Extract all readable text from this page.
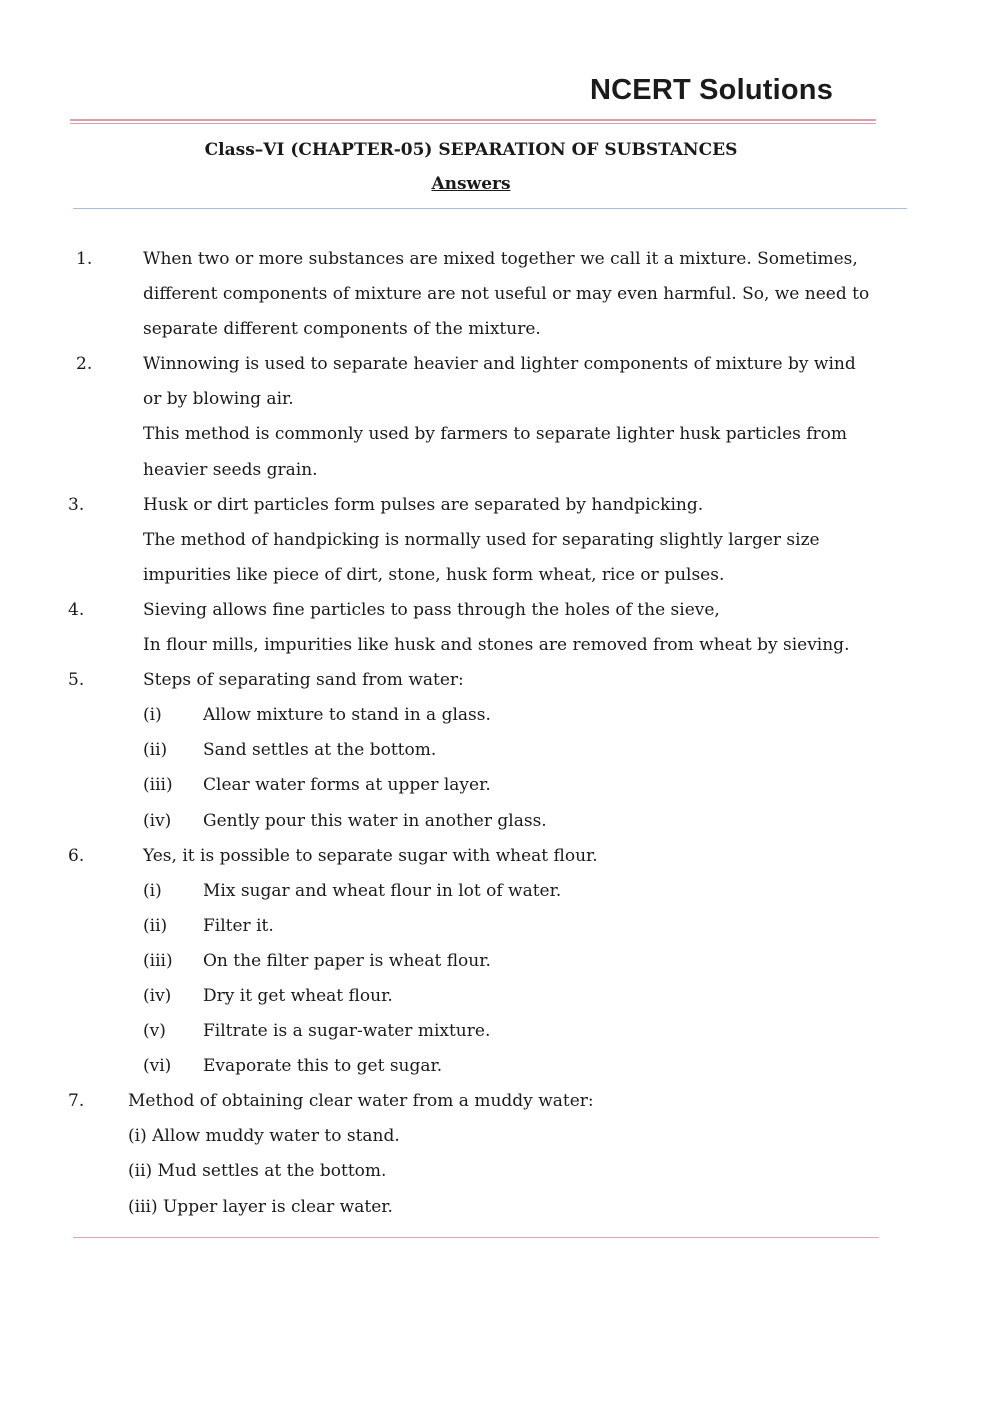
NCERT Solutions
Class–VI (CHAPTER-05) SEPARATION OF SUBSTANCES
Answers
1.	When two or more substances are mixed together we call it a mixture. Sometimes, different components of mixture are not useful or may even harmful. So, we need to separate different components of the mixture.

2.	Winnowing is used to separate heavier and lighter components of mixture by wind or by blowing air.

This method is commonly used by farmers to separate lighter husk particles from heavier seeds grain.

3.	Husk or dirt particles form pulses are separated by handpicking.

The method of handpicking is normally used for separating slightly larger size impurities like piece of dirt, stone, husk form wheat, rice or pulses.

4.	Sieving allows fine particles to pass through the holes of the sieve,

In flour mills, impurities like husk and stones are removed from wheat by sieving.

5.	Steps of separating sand from water:

(i) Allow mixture to stand in a glass.
(ii) Sand settles at the bottom.
(iii) Clear water forms at upper layer.
(iv) Gently pour this water in another glass.
6.	Yes, it is possible to separate sugar with wheat flour.

(i) Mix sugar and wheat flour in lot of water.
(ii) Filter it.
(iii) On the filter paper is wheat flour.
(iv) Dry it get wheat flour.
(v) Filtrate is a sugar-water mixture.
(vi) Evaporate this to get sugar.
7.	Method of obtaining clear water from a muddy water:

(i) Allow muddy water to stand.

(ii) Mud settles at the bottom.

(iii) Upper layer is clear water.
